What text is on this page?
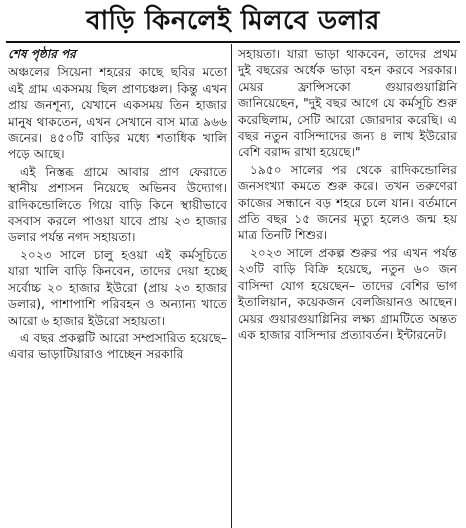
বাড়ি কিনলেই মিলবে ডলার
শেষ পৃষ্ঠার পর

অঞ্চলের সিয়েনা শহরের কাছে ছবির মতো এই গ্রাম একসময় ছিল প্রাণচঞ্চল। কিন্তু এখন প্রায় জনশূন্য, যেখানে একসময় তিন হাজার মানুষ থাকতেন, এখন সেখানে বাস মাত্র ৯৬৬ জনের। ৪৫০টি বাড়ির মধ্যে শতাধিক খালি পড়ে আছে।

এই নিস্তব্ধ গ্রামে আবার প্রাণ ফেরাতে স্থানীয় প্রশাসন নিয়েছে অভিনব উদ্যোগ। রাদিকন্ডোলিতে গিয়ে বাড়ি কিনে স্থায়ীভাবে বসবাস করলে পাওয়া যাবে প্রায় ২৩ হাজার ডলার পর্যন্ত নগদ সহায়তা।

২০২৩ সালে চালু হওয়া এই কর্মসূচিতে যারা খালি বাড়ি কিনবেন, তাদের দেয়া হচ্ছে সর্বোচ্চ ২০ হাজার ইউরো (প্রায় ২৩ হাজার ডলার), পাশাপাশি পরিবহন ও অন্যান্য খাতে আরো ৬ হাজার ইউরো সহায়তা।

এ বছর প্রকল্পটি আরো সম্প্রসারিত হয়েছে– এবার ভাড়াটিয়ারাও পাচ্ছেন সরকারি

সহায়তা। যারা ভাড়া থাকবেন, তাদের প্রথম দুই বছরের অর্ধেক ভাড়া বহন করবে সরকার। মেয়র ফ্রান্সিসকো গুয়ারগুয়াগ্লিনি জানিয়েছেন, "দুই বছর আগে যে কর্মসূচি শুরু করেছিলাম, সেটি আরো জোরদার করেছি। এ বছর নতুন বাসিন্দাদের জন্য ৪ লাখ ইউরোর বেশি বরাদ্দ রাখা হয়েছে।"

১৯৫০ সালের পর থেকে রাদিকন্ডোলির জনসংখ্যা কমতে শুরু করে। তখন তরুণেরা কাজের সন্ধানে বড় শহরে চলে যান। বর্তমানে প্রতি বছর ১৫ জনের মৃত্যু হলেও জন্ম হয় মাত্র তিনটি শিশুর।

২০২৩ সালে প্রকল্প শুরুর পর এখন পর্যন্ত ২৩টি বাড়ি বিক্রি হয়েছে, নতুন ৬০ জন বাসিন্দা যোগ হয়েছেন– তাদের বেশির ভাগ ইতালিয়ান, কয়েকজন বেলজিয়ানও আছেন। মেয়র গুয়ারগুয়াগ্লিনির লক্ষ্য গ্রামটিতে অন্তত এক হাজার বাসিন্দার প্রত্যাবর্তন। ইন্টারনেট।
